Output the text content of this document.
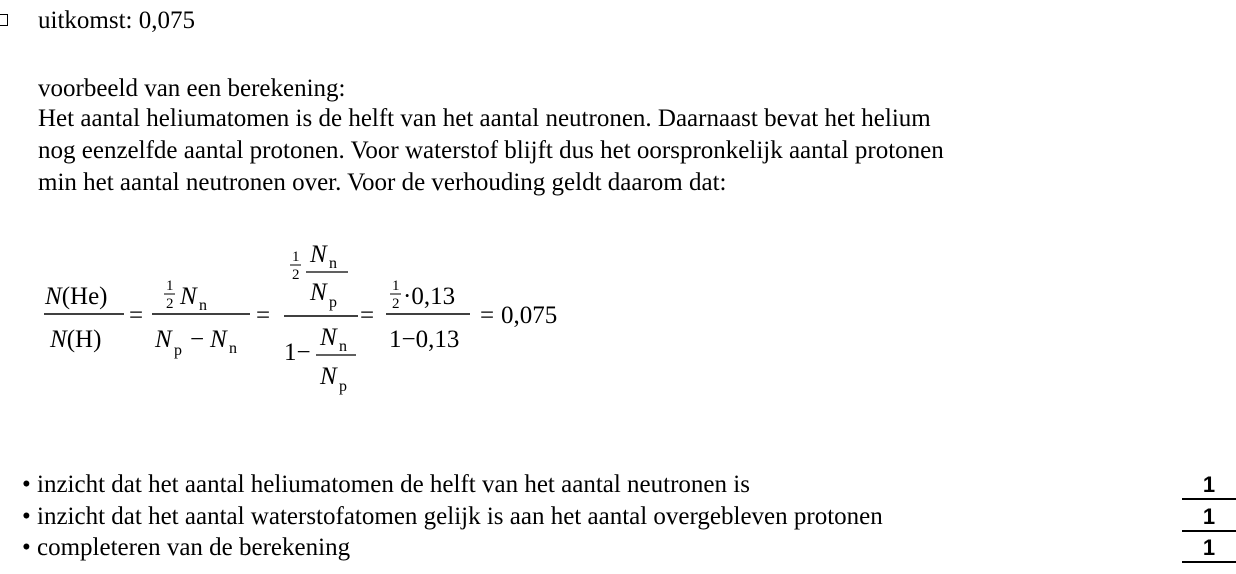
uitkomst: 0,075
voorbeeld van een berekening:
Het aantal heliumatomen is de helft van het aantal neutronen. Daarnaast bevat het helium
nog eenzelfde aantal protonen. Voor waterstof blijft dus het oorspronkelijk aantal protonen
min het aantal neutronen over. Voor de verhouding geldt daarom dat:
N(He)
N(H)
=
1
2 N n
N p − N n
=
1
2
N n
N p
1−
N n
N p
=
1
2 ·0,13
1−0,13
= 0,075
• inzicht dat het aantal heliumatomen de helft van het aantal neutronen is	1
• inzicht dat het aantal waterstofatomen gelijk is aan het aantal overgebleven protonen	1
• completeren van de berekening	1
